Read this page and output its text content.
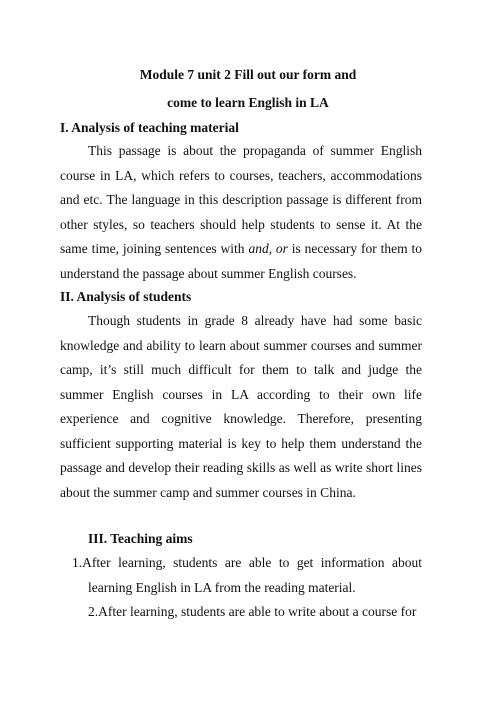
Module 7 unit 2 Fill out our form and
come to learn English in LA
I. Analysis of teaching material
This passage is about the propaganda of summer English course in LA, which refers to courses, teachers, accommodations and etc. The language in this description passage is different from other styles, so teachers should help students to sense it. At the same time, joining sentences with and, or is necessary for them to understand the passage about summer English courses.
II. Analysis of students
Though students in grade 8 already have had some basic knowledge and ability to learn about summer courses and summer camp, it’s still much difficult for them to talk and judge the summer English courses in LA according to their own life experience and cognitive knowledge. Therefore, presenting sufficient supporting material is key to help them understand the passage and develop their reading skills as well as write short lines about the summer camp and summer courses in China.
III. Teaching aims
1.After learning, students are able to get information about learning English in LA from the reading material.
2.After learning, students are able to write about a course for
